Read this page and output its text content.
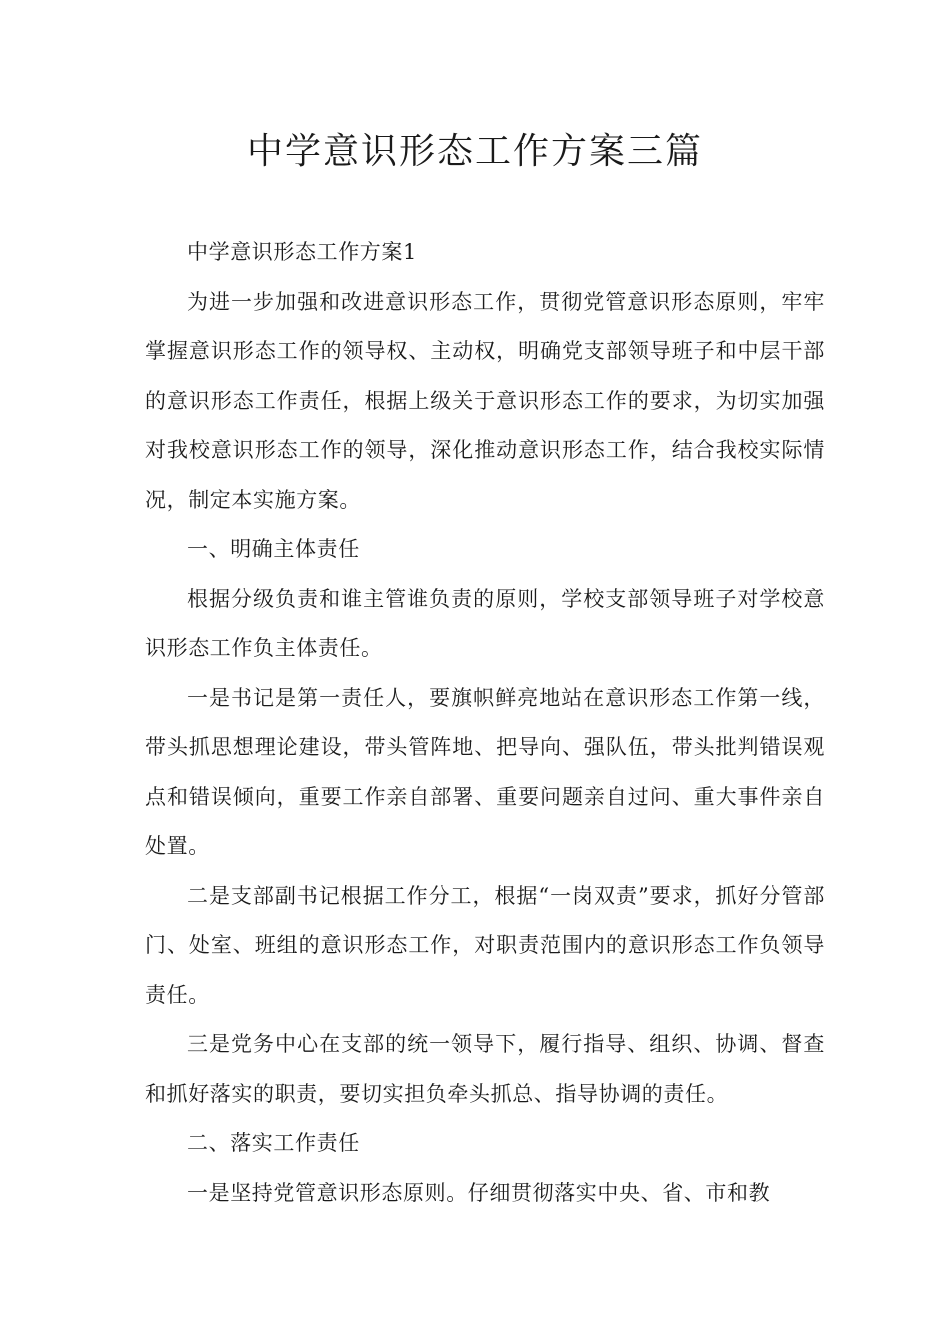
中学意识形态工作方案三篇

中学意识形态工作方案1

为进一步加强和改进意识形态工作，贯彻党管意识形态原则，牢牢掌握意识形态工作的领导权、主动权，明确党支部领导班子和中层干部的意识形态工作责任，根据上级关于意识形态工作的要求，为切实加强对我校意识形态工作的领导，深化推动意识形态工作，结合我校实际情况，制定本实施方案。

一、明确主体责任

根据分级负责和谁主管谁负责的原则，学校支部领导班子对学校意识形态工作负主体责任。

一是书记是第一责任人，要旗帜鲜亮地站在意识形态工作第一线，带头抓思想理论建设，带头管阵地、把导向、强队伍，带头批判错误观点和错误倾向，重要工作亲自部署、重要问题亲自过问、重大事件亲自处置。

二是支部副书记根据工作分工，根据“一岗双责”要求，抓好分管部门、处室、班组的意识形态工作，对职责范围内的意识形态工作负领导责任。

三是党务中心在支部的统一领导下，履行指导、组织、协调、督查和抓好落实的职责，要切实担负牵头抓总、指导协调的责任。

二、落实工作责任

一是坚持党管意识形态原则。仔细贯彻落实中央、省、市和教
